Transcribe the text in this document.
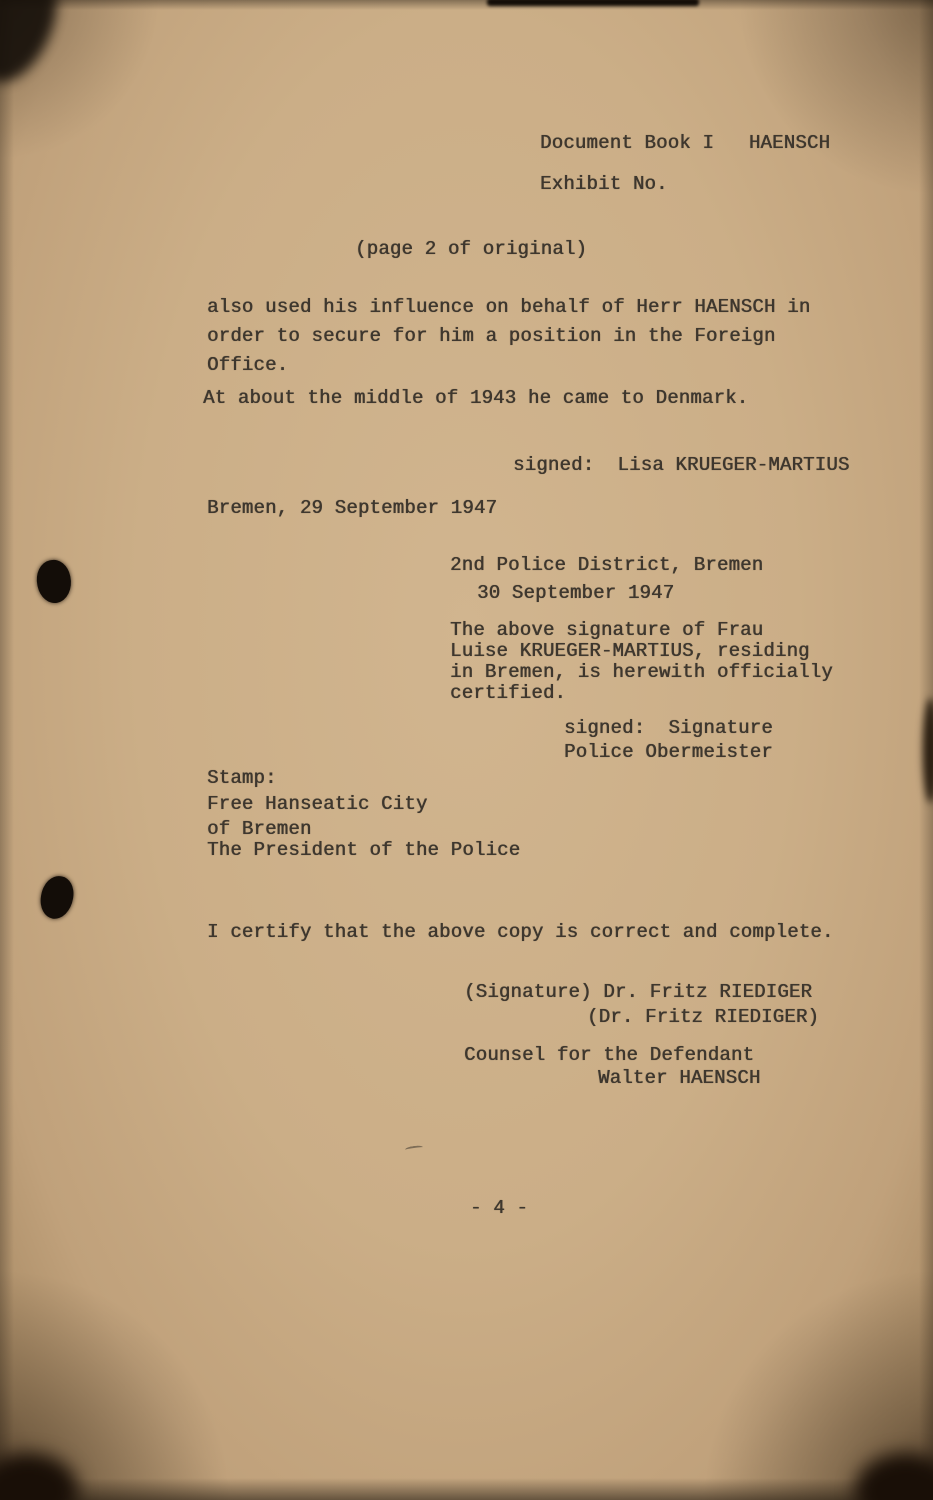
Document Book I   HAENSCH
Exhibit No.
(page 2 of original)
also used his influence on behalf of Herr HAENSCH in
order to secure for him a position in the Foreign
Office.
At about the middle of 1943 he came to Denmark.
signed:  Lisa KRUEGER-MARTIUS
Bremen, 29 September 1947
2nd Police District, Bremen
30 September 1947
The above signature of Frau
Luise KRUEGER-MARTIUS, residing
in Bremen, is herewith officially
certified.
signed:  Signature
Police Obermeister
Stamp:
Free Hanseatic City
of Bremen
The President of the Police
I certify that the above copy is correct and complete.
(Signature) Dr. Fritz RIEDIGER
(Dr. Fritz RIEDIGER)
Counsel for the Defendant
Walter HAENSCH
- 4 -
